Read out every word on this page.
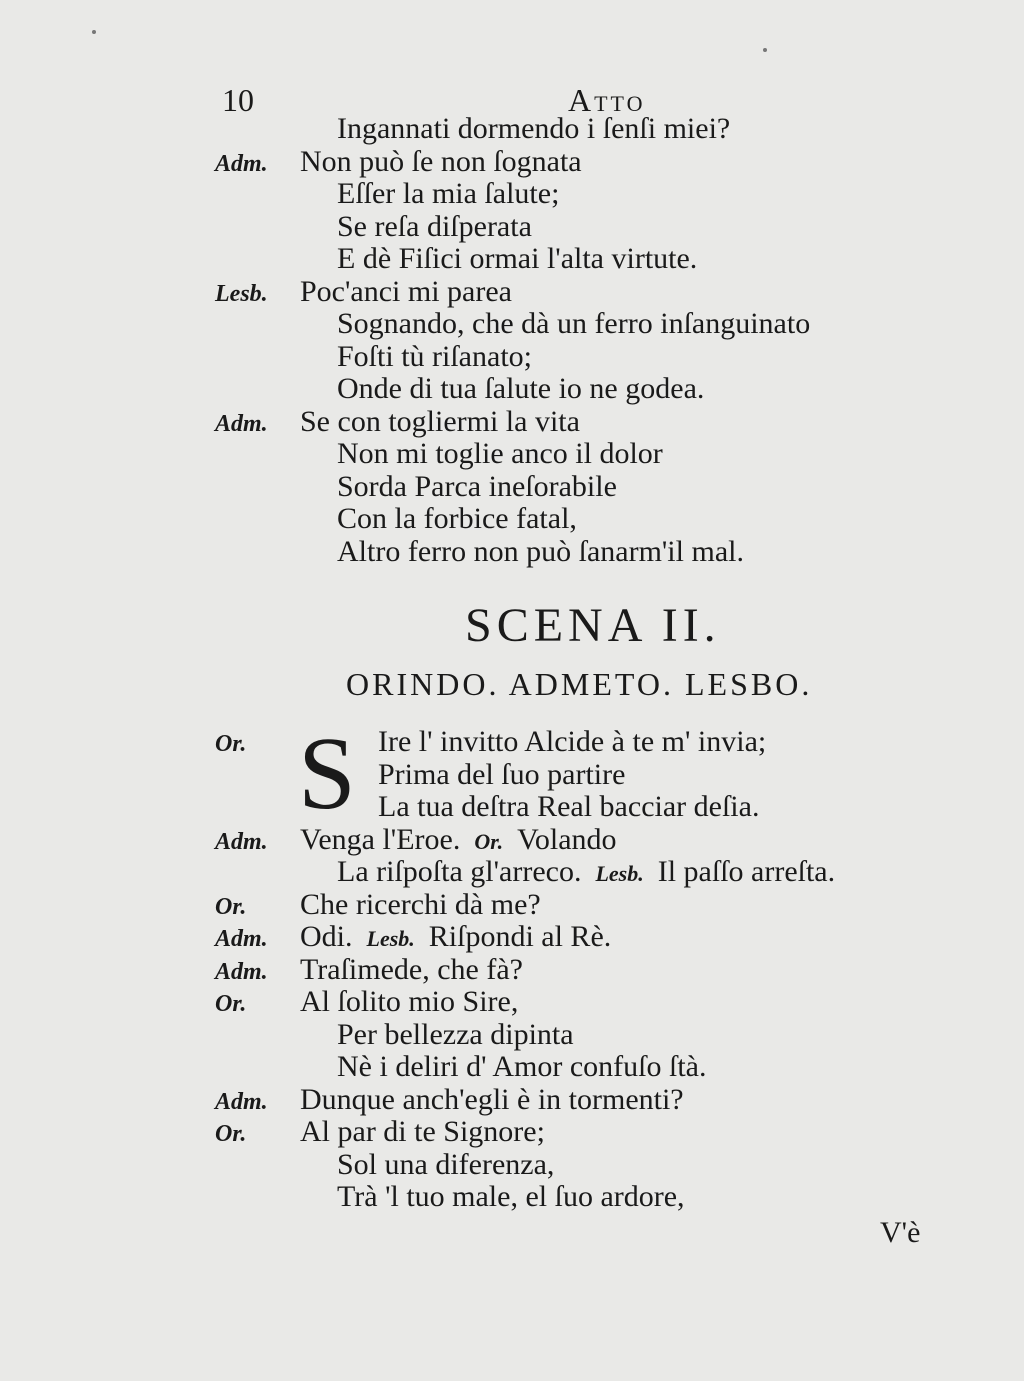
10	Atto
Ingannati dormendo i ſenſi miei?
Adm. Non può ſe non ſognata
Eſſer la mia ſalute;
Se reſa diſperata
E dè Fiſici ormai l'alta virtute.
Lesb. Poc'anci mi parea
Sognando, che dà un ferro inſanguinato
Foſti tù riſanato;
Onde di tua ſalute io ne godea.
Adm. Se con togliermi la vita
Non mi toglie anco il dolor
Sorda Parca ineſorabile
Con la forbice fatal,
Altro ferro non può ſanarm'il mal.
SCENA II.
ORINDO. ADMETO. LESBO.
S
Or.	Ire l' invitto Alcide à te m' invia;
Prima del ſuo partire
La tua deſtra Real bacciar deſia.
Adm. Venga l'Eroe. Or. Volando
La riſpoſta gl'arreco. Lesb. Il paſſo arreſta.
Or. Che ricerchi dà me?
Adm. Odi. Lesb. Riſpondi al Rè.
Adm. Traſimede, che fà?
Or. Al ſolito mio Sire,
Per bellezza dipinta
Nè i deliri d' Amor confuſo ſtà.
Adm. Dunque anch'egli è in tormenti?
Or. Al par di te Signore;
Sol una diferenza,
Trà 'l tuo male, el ſuo ardore,
V'è
